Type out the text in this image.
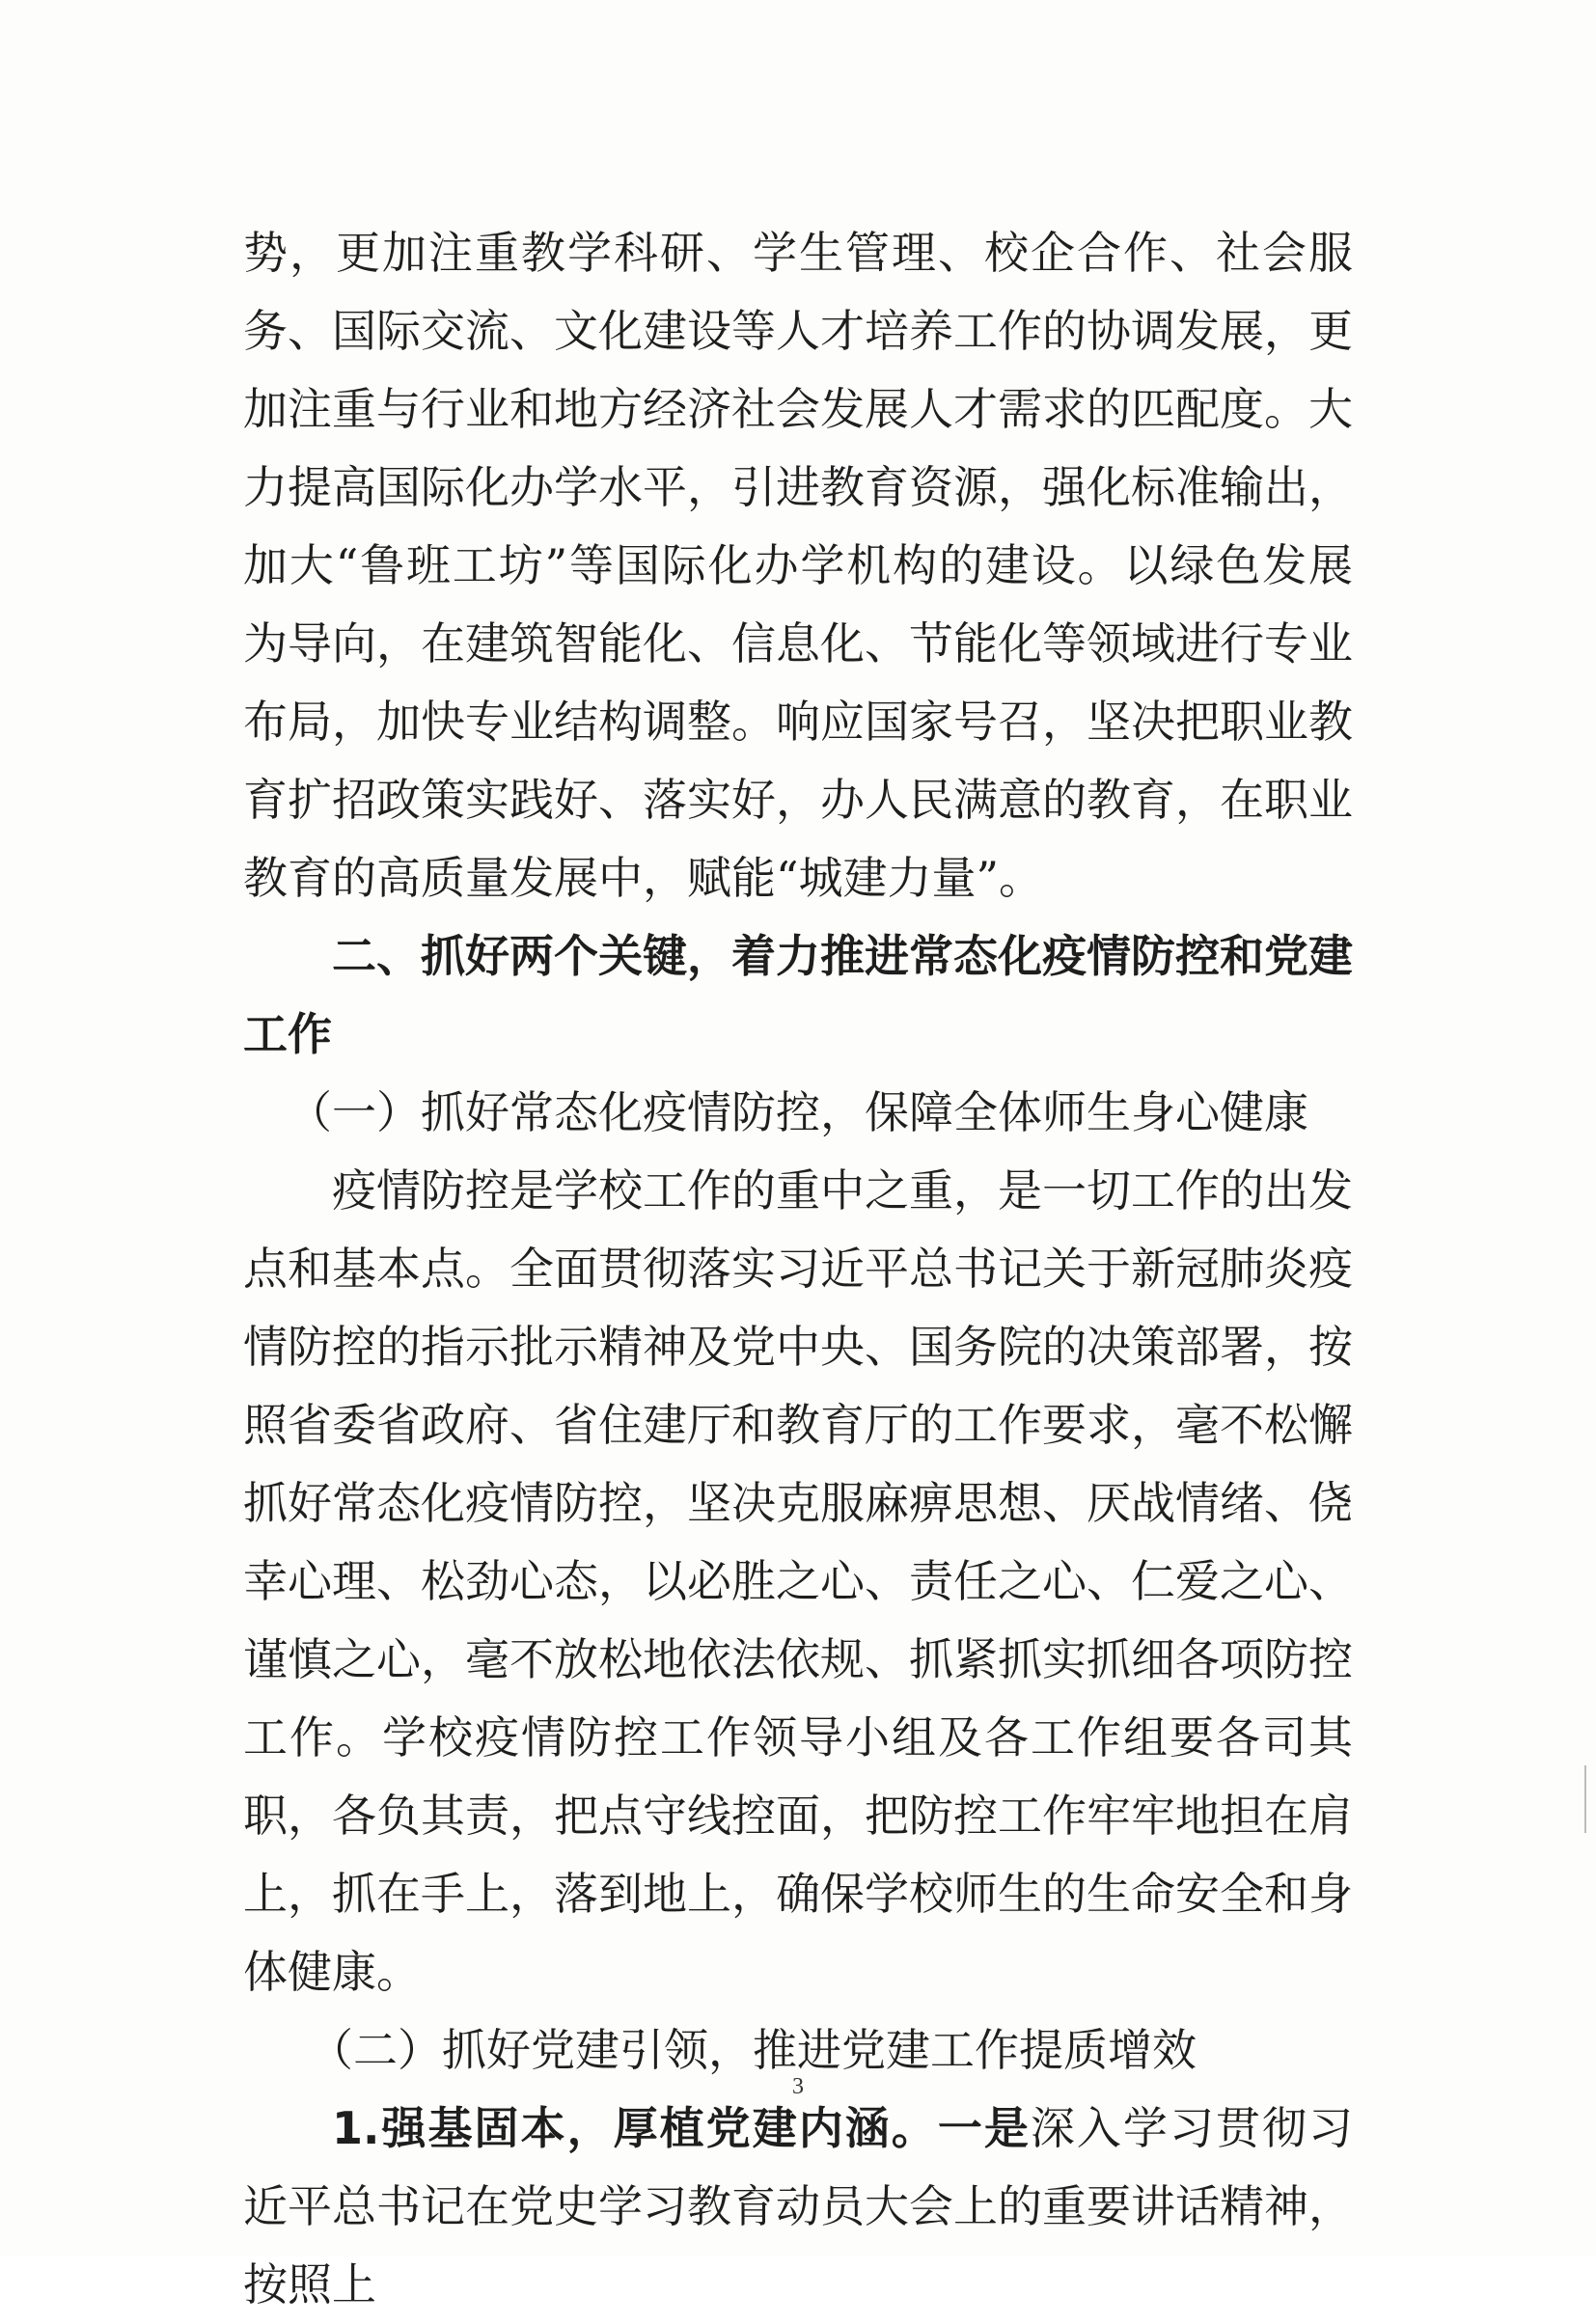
势，更加注重教学科研、学生管理、校企合作、社会服务、国际交流、文化建设等人才培养工作的协调发展，更加注重与行业和地方经济社会发展人才需求的匹配度。大力提高国际化办学水平，引进教育资源，强化标准输出，加大“鲁班工坊”等国际化办学机构的建设。以绿色发展为导向，在建筑智能化、信息化、节能化等领域进行专业布局，加快专业结构调整。响应国家号召，坚决把职业教育扩招政策实践好、落实好，办人民满意的教育，在职业教育的高质量发展中，赋能“城建力量”。

二、抓好两个关键，着力推进常态化疫情防控和党建工作

（一）抓好常态化疫情防控，保障全体师生身心健康

疫情防控是学校工作的重中之重，是一切工作的出发点和基本点。全面贯彻落实习近平总书记关于新冠肺炎疫情防控的指示批示精神及党中央、国务院的决策部署，按照省委省政府、省住建厅和教育厅的工作要求，毫不松懈抓好常态化疫情防控，坚决克服麻痹思想、厌战情绪、侥幸心理、松劲心态，以必胜之心、责任之心、仁爱之心、谨慎之心，毫不放松地依法依规、抓紧抓实抓细各项防控工作。学校疫情防控工作领导小组及各工作组要各司其职，各负其责，把点守线控面，把防控工作牢牢地担在肩上，抓在手上，落到地上，确保学校师生的生命安全和身体健康。

（二）抓好党建引领，推进党建工作提质增效

1.强基固本，厚植党建内涵。一是深入学习贯彻习近平总书记在党史学习教育动员大会上的重要讲话精神，按照上

3
